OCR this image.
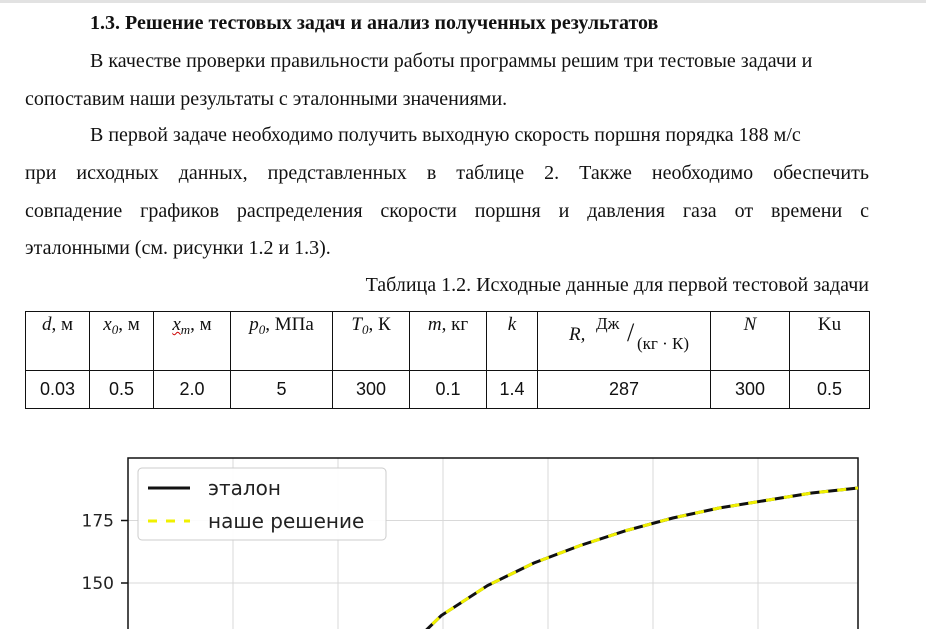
1.3. Решение тестовых задач и анализ полученных результатов
В качестве проверки правильности работы программы решим три тестовые задачи и
сопоставим наши результаты с эталонными значениями.
В первой задаче необходимо получить выходную скорость поршня порядка 188 м/с
при исходных данных, представленных в таблице 2. Также необходимо обеспечить
совпадение графиков распределения скорости поршня и давления газа от времени с
эталонными (см. рисунки 1.2 и 1.3).
Таблица 1.2. Исходные данные для первой тестовой задачи
d, м	$x_0$, м	$x_m$, м	$p_0$, МПа	$T_0$, К	m, кг	k	R,
Дж / (кг · К)	N	Ku
0.03	0.5	2.0	5	300	0.1	1.4	287	300	0.5
175
150
эталон
наше решение
